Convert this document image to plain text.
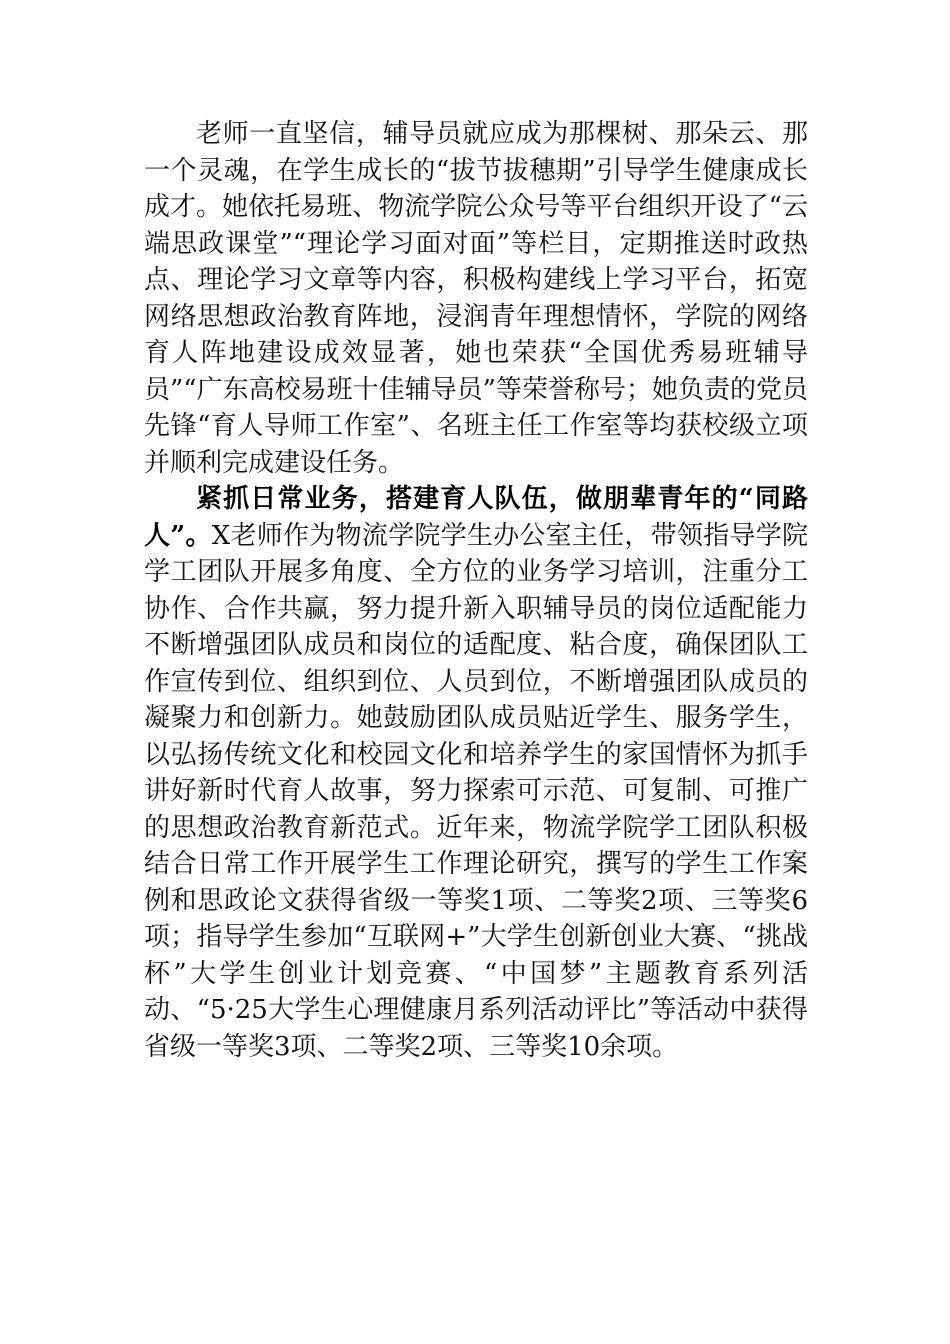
老师一直坚信，辅导员就应成为那棵树、那朵云、那一个灵魂，在学生成长的“拔节拔穗期”引导学生健康成长成才。她依托易班、物流学院公众号等平台组织开设了“云端思政课堂”“理论学习面对面”等栏目，定期推送时政热点、理论学习文章等内容，积极构建线上学习平台，拓宽网络思想政治教育阵地，浸润青年理想情怀，学院的网络育人阵地建设成效显著，她也荣获“全国优秀易班辅导员”“广东高校易班十佳辅导员”等荣誉称号；她负责的党员先锋“育人导师工作室”、名班主任工作室等均获校级立项并顺利完成建设任务。

紧抓日常业务，搭建育人队伍，做朋辈青年的“同路人”。X老师作为物流学院学生办公室主任，带领指导学院学工团队开展多角度、全方位的业务学习培训，注重分工协作、合作共赢，努力提升新入职辅导员的岗位适配能力不断增强团队成员和岗位的适配度、粘合度，确保团队工作宣传到位、组织到位、人员到位，不断增强团队成员的凝聚力和创新力。她鼓励团队成员贴近学生、服务学生，以弘扬传统文化和校园文化和培养学生的家国情怀为抓手讲好新时代育人故事，努力探索可示范、可复制、可推广的思想政治教育新范式。近年来，物流学院学工团队积极结合日常工作开展学生工作理论研究，撰写的学生工作案例和思政论文获得省级一等奖1项、二等奖2项、三等奖6项；指导学生参加“互联网+”大学生创新创业大赛、“挑战杯”大学生创业计划竞赛、“中国梦”主题教育系列活动、“5·25大学生心理健康月系列活动评比”等活动中获得省级一等奖3项、二等奖2项、三等奖10余项。
